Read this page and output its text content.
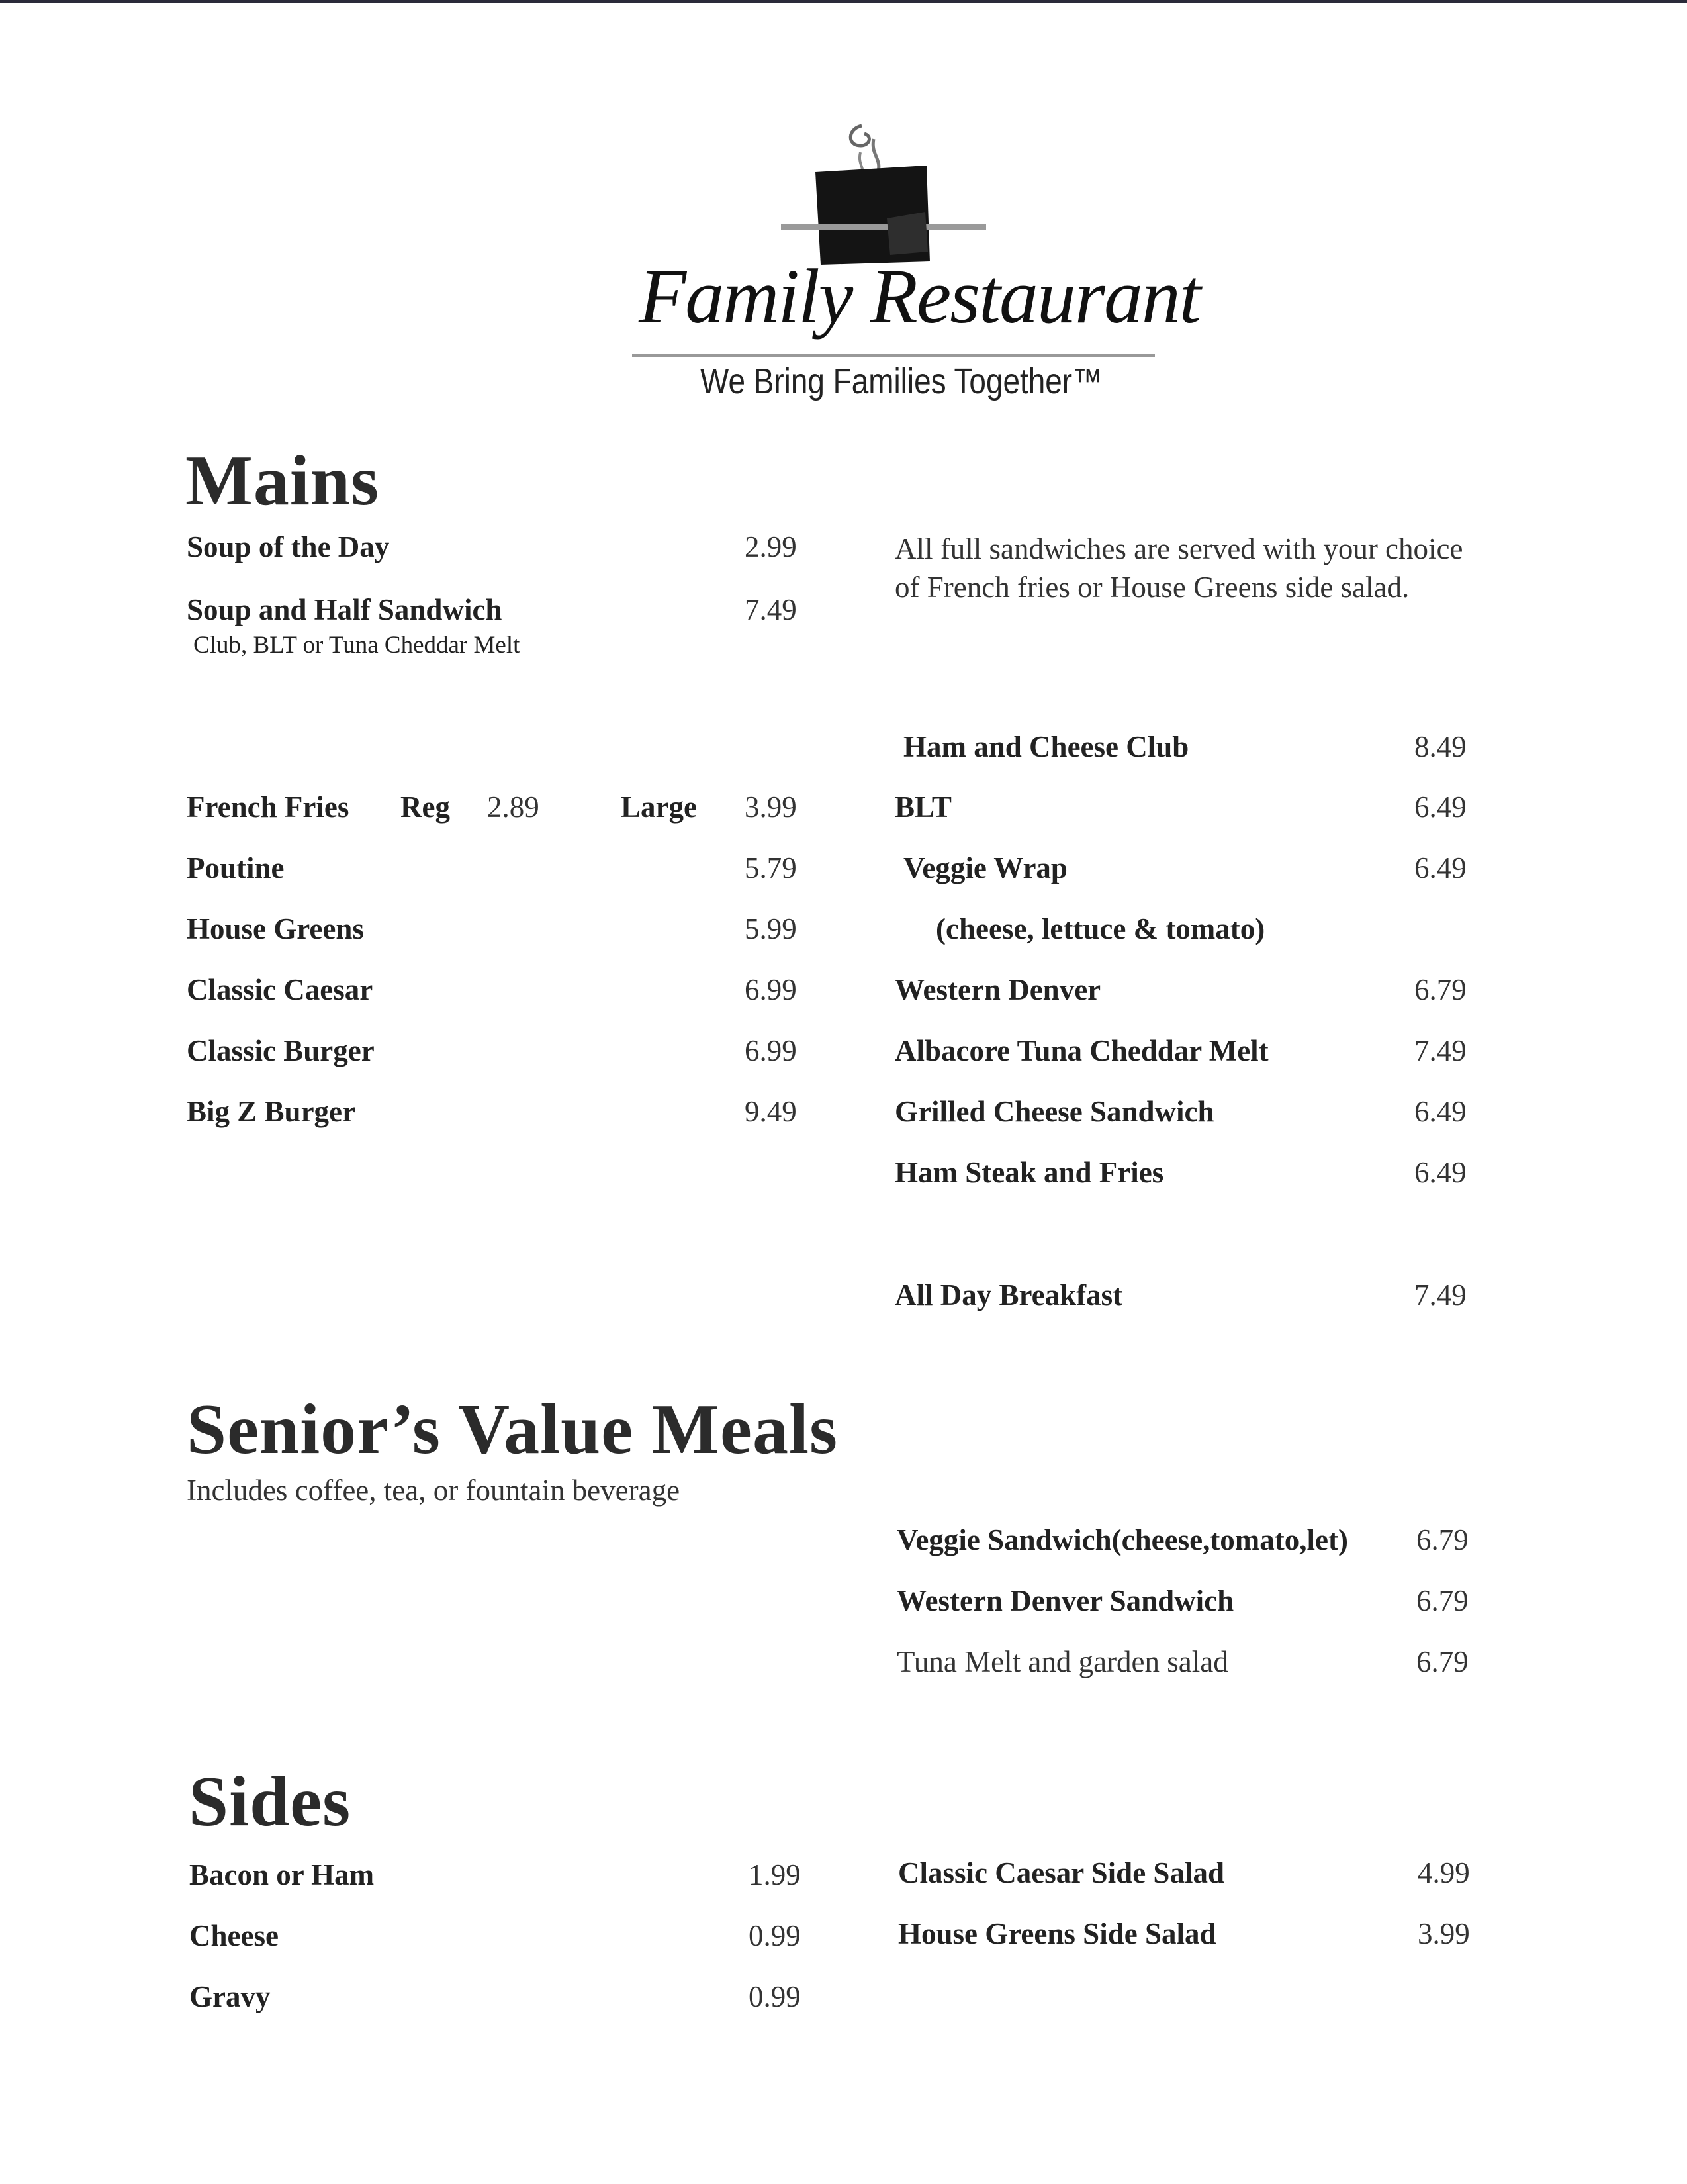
Family Restaurant
We Bring Families Together™
Mains
Soup of the Day	2.99
Soup and Half Sandwich	7.49
Club, BLT or Tuna Cheddar Melt
All full sandwiches are served with your choice of French fries or House Greens side salad.
French Fries Reg 2.89	Large 3.99
Poutine	5.79
House Greens	5.99
Classic Caesar	6.99
Classic Burger	6.99
Big Z Burger	9.49
Ham and Cheese Club	8.49
BLT	6.49
Veggie Wrap	6.49
(cheese, lettuce & tomato)
Western Denver	6.79
Albacore Tuna Cheddar Melt	7.49
Grilled Cheese Sandwich	6.49
Ham Steak and Fries	6.49
All Day Breakfast	7.49
Senior’s Value Meals
Includes coffee, tea, or fountain beverage
Veggie Sandwich(cheese,tomato,let) 6.79
Western Denver Sandwich	6.79
Tuna Melt and garden salad	6.79
Sides
Bacon or Ham	1.99
Cheese	0.99
Gravy	0.99
Classic Caesar Side Salad	4.99
House Greens Side Salad	3.99
